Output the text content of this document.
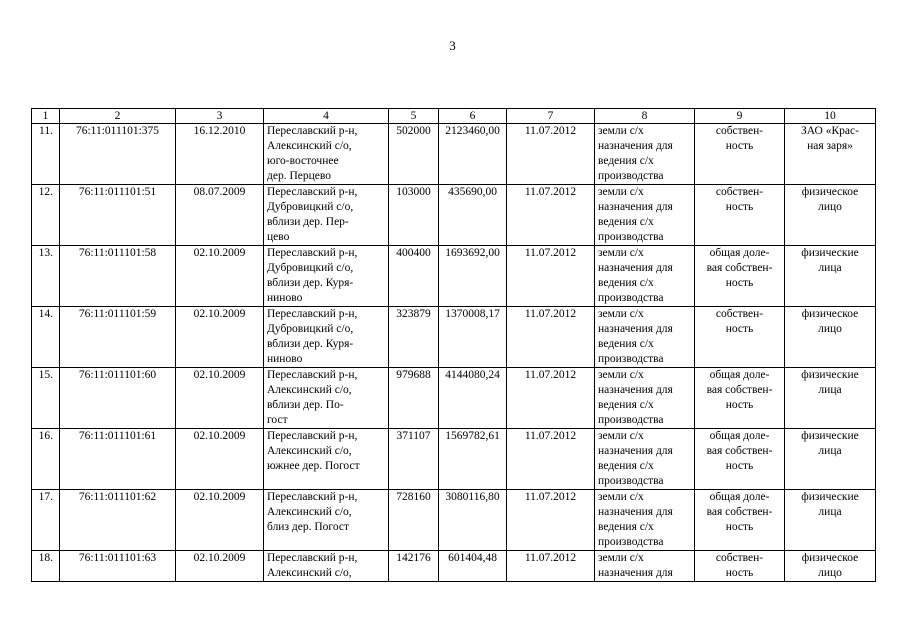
3
1	2	3	4	5	6	7	8	9	10
11.	76:11:011101:375	16.12.2010	Переславский р-н,
Алексинский с/о,
юго-восточнее
дер. Перцево	502000	2123460,00	11.07.2012	земли с/х
назначения для
ведения с/х
производства	собствен-
ность	ЗАО «Крас-
ная заря»

12.	76:11:011101:51	08.07.2009	Переславский р-н,
Дубровицкий с/о,
вблизи дер. Пер-
цево	103000	435690,00	11.07.2012	земли с/х
назначения для
ведения с/х
производства	собствен-
ность	физическое
лицо

13.	76:11:011101:58	02.10.2009	Переславский р-н,
Дубровицкий с/о,
вблизи дер. Куря-
ниново	400400	1693692,00	11.07.2012	земли с/х
назначения для
ведения с/х
производства	общая доле-
вая собствен-
ность	физические
лица

14.	76:11:011101:59	02.10.2009	Переславский р-н,
Дубровицкий с/о,
вблизи дер. Куря-
ниново	323879	1370008,17	11.07.2012	земли с/х
назначения для
ведения с/х
производства	собствен-
ность	физическое
лицо

15.	76:11:011101:60	02.10.2009	Переславский р-н,
Алексинский с/о,
вблизи дер. По-
гост	979688	4144080,24	11.07.2012	земли с/х
назначения для
ведения с/х
производства	общая доле-
вая собствен-
ность	физические
лица

16.	76:11:011101:61	02.10.2009	Переславский р-н,
Алексинский с/о,
южнее дер. Погост	371107	1569782,61	11.07.2012	земли с/х
назначения для
ведения с/х
производства	общая доле-
вая собствен-
ность	физические
лица

17.	76:11:011101:62	02.10.2009	Переславский р-н,
Алексинский с/о,
близ дер. Погост	728160	3080116,80	11.07.2012	земли с/х
назначения для
ведения с/х
производства	общая доле-
вая собствен-
ность	физические
лица

18.	76:11:011101:63	02.10.2009	Переславский р-н,
Алексинский с/о,	142176	601404,48	11.07.2012	земли с/х
назначения для	собствен-
ность	физическое
лицо
